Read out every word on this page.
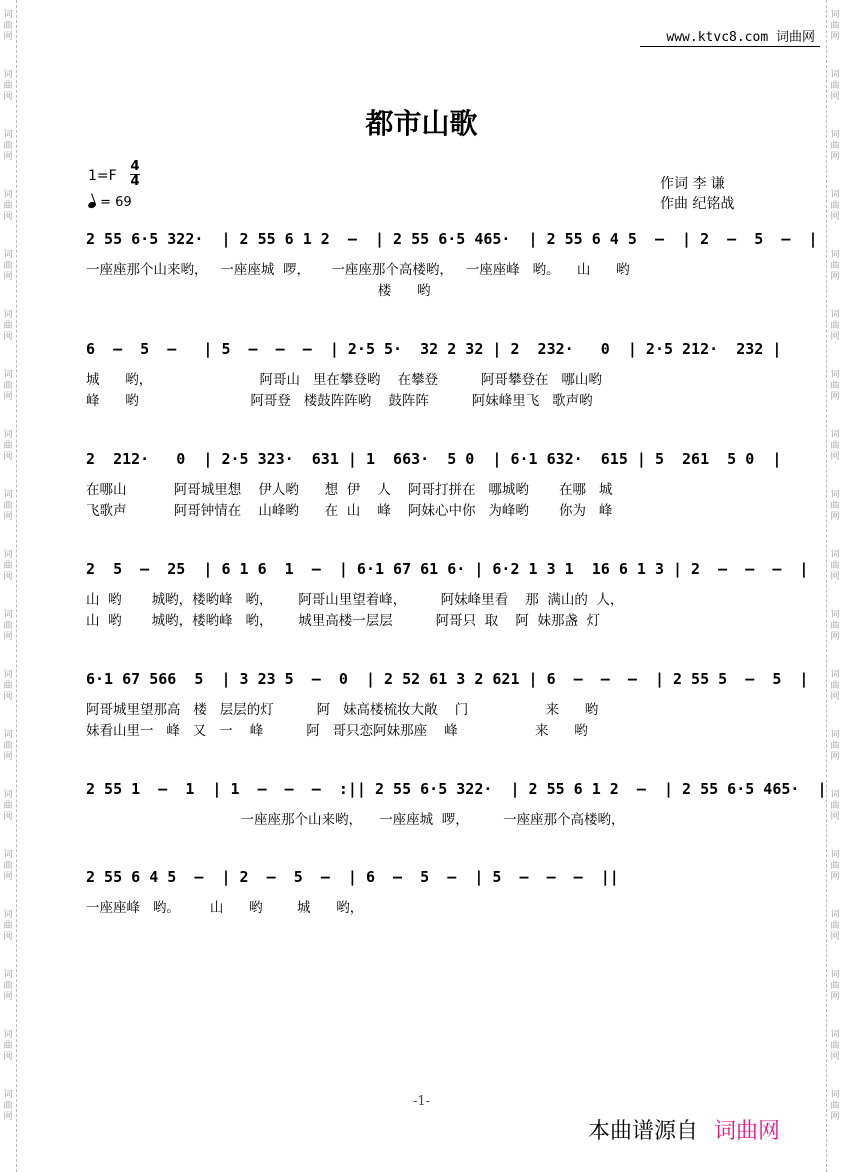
词
曲
网
词
曲
网
词
曲
网
词
曲
网
词
曲
网
词
曲
网
词
曲
网
词
曲
网
词
曲
网
词
曲
网
词
曲
网
词
曲
网
词
曲
网
词
曲
网
词
曲
网
词
曲
网
词
曲
网
词
曲
网
词
曲
网
词
曲
网
词
曲
网
词
曲
网
词
曲
网
词
曲
网
词
曲
网
词
曲
网
词
曲
网
词
曲
网
词
曲
网
词
曲
网
词
曲
网
词
曲
网
词
曲
网
词
曲
网
词
曲
网
词
曲
网
词
曲
网
词
曲
网
www.ktvc8.com 词曲网
都市山歌
1=F
4
4
= 69
作词 李 谦
作曲 纪铭战
2 55 6·5 322·  | 2 55 6 1 2  –  | 2 55 6·5 465·  | 2 55 6 4 5  –  | 2  –  5  –  |
一座座那个山来哟，   一座座城  啰，     一座座那个高楼哟，   一座座峰   哟。    山      哟
楼      哟
6  –  5  –   | 5  –  –  –  | 2·5 5·  32 2 32 | 2  232·   0  | 2·5 212·  232 |
城      哟，                         阿哥山   里在攀登哟    在攀登          阿哥攀登在   哪山哟
峰      哟                          阿哥登   楼鼓阵阵哟    鼓阵阵          阿妹峰里飞   歌声哟
2  212·   0  | 2·5 323·  631 | 1  663·  5 0  | 6·1 632·  615 | 5  261  5 0  |
在哪山           阿哥城里想    伊人哟      想  伊    人    阿哥打拼在   哪城哟       在哪   城
飞歌声           阿哥钟情在    山峰哟      在  山    峰    阿妹心中你   为峰哟       你为   峰
2  5  –  25  | 6 1 6  1  –  | 6·1 67 61 6· | 6·2 1 3 1  16 6 1 3 | 2  –  –  –  |
山  哟       城哟，楼哟峰   哟，      阿哥山里望着峰，        阿妹峰里看    那  满山的  人，
山  哟       城哟，楼哟峰   哟，      城里高楼一层层          阿哥只  取    阿  妹那盏  灯
6·1 67 566  5  | 3 23 5  –  0  | 2 52 61 3 2 621 | 6  –  –  –  | 2 55 5  –  5  |
阿哥城里望那高   楼   层层的灯          阿   妹高楼梳妆大敞    门                  来      哟
妹看山里一   峰   又   一    峰          阿   哥只恋阿妹那座    峰                  来      哟
2 55 1  –  1  | 1  –  –  –  :|| 2 55 6·5 322·  | 2 55 6 1 2  –  | 2 55 6·5 465·  |
一座座那个山来哟，    一座座城  啰，        一座座那个高楼哟，
2 55 6 4 5  –  | 2  –  5  –  | 6  –  5  –  | 5  –  –  –  ||
一座座峰   哟。       山      哟        城      哟，
-1-
本曲谱源自 词曲网
